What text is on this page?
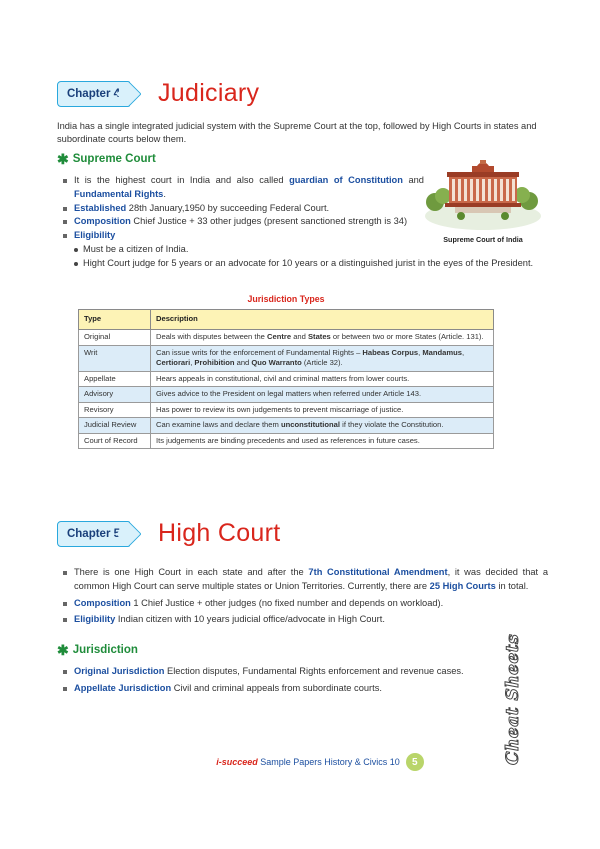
Chapter 4	Judiciary
India has a single integrated judicial system with the Supreme Court at the top, followed by High Courts in states and subordinate courts below them.
✱ Supreme Court
It is the highest court in India and also called guardian of Constitution and Fundamental Rights.
Established 28th January,1950 by succeeding Federal Court.
Composition Chief Justice + 33 other judges (present sanctioned strength is 34)
Eligibility
Must be a citizen of India.
Hight Court judge for 5 years or an advocate for 10 years or a distinguished jurist in the eyes of the President.
Supreme Court of India
Jurisdiction Types
Type	Description
Original	Deals with disputes between the Centre and States or between two or more States (Article. 131).
Writ	Can issue writs for the enforcement of Fundamental Rights – Habeas Corpus, Mandamus, Certiorari, Prohibition and Quo Warranto (Article 32).
Appellate	Hears appeals in constitutional, civil and criminal matters from lower courts.
Advisory	Gives advice to the President on legal matters when referred under Article 143.
Revisory	Has power to review its own judgements to prevent miscarriage of justice.
Judicial Review	Can examine laws and declare them unconstitutional if they violate the Constitution.
Court of Record	Its judgements are binding precedents and used as references in future cases.
Chapter 5	High Court
There is one High Court in each state and after the 7th Constitutional Amendment, it was decided that a common High Court can serve multiple states or Union Territories. Currently, there are 25 High Courts in total.
Composition 1 Chief Justice + other judges (no fixed number and depends on workload).
Eligibility Indian citizen with 10 years judicial office/advocate in High Court.
✱ Jurisdiction
Original Jurisdiction Election disputes, Fundamental Rights enforcement and revenue cases.
Appellate Jurisdiction Civil and criminal appeals from subordinate courts.	Cheat Sheets
i-succeed Sample Papers History & Civics 10	5
